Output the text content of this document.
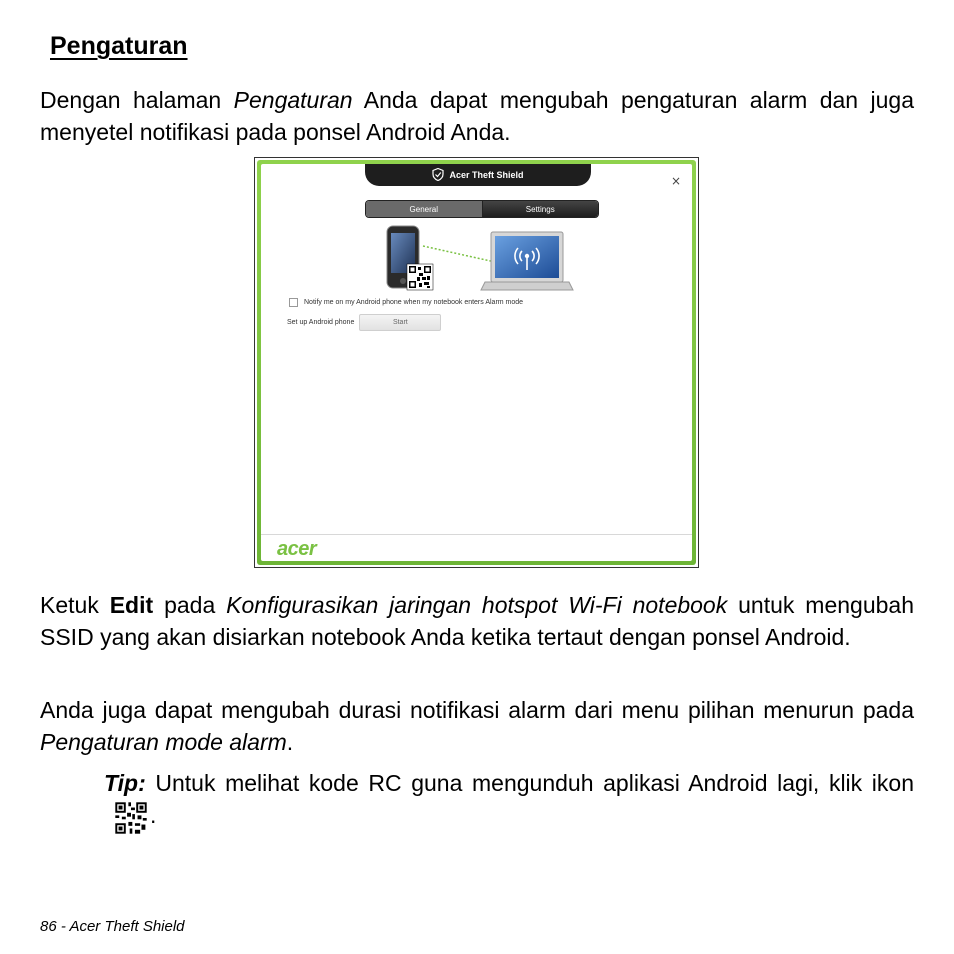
Pengaturan
Dengan halaman Pengaturan Anda dapat mengubah pengaturan alarm dan juga menyetel notifikasi pada ponsel Android Anda.
Acer Theft Shield	×
General	Settings
Notify me on my Android phone when my notebook enters Alarm mode
Set up Android phone	Start
acer
Ketuk Edit pada Konfigurasikan jaringan hotspot Wi-Fi notebook untuk mengubah SSID yang akan disiarkan notebook Anda ketika tertaut dengan ponsel Android.
Anda juga dapat mengubah durasi notifikasi alarm dari menu pilihan menurun pada Pengaturan mode alarm.
Tip: Untuk melihat kode RC guna mengunduh aplikasi Android lagi, klik ikon.
86 - Acer Theft Shield
